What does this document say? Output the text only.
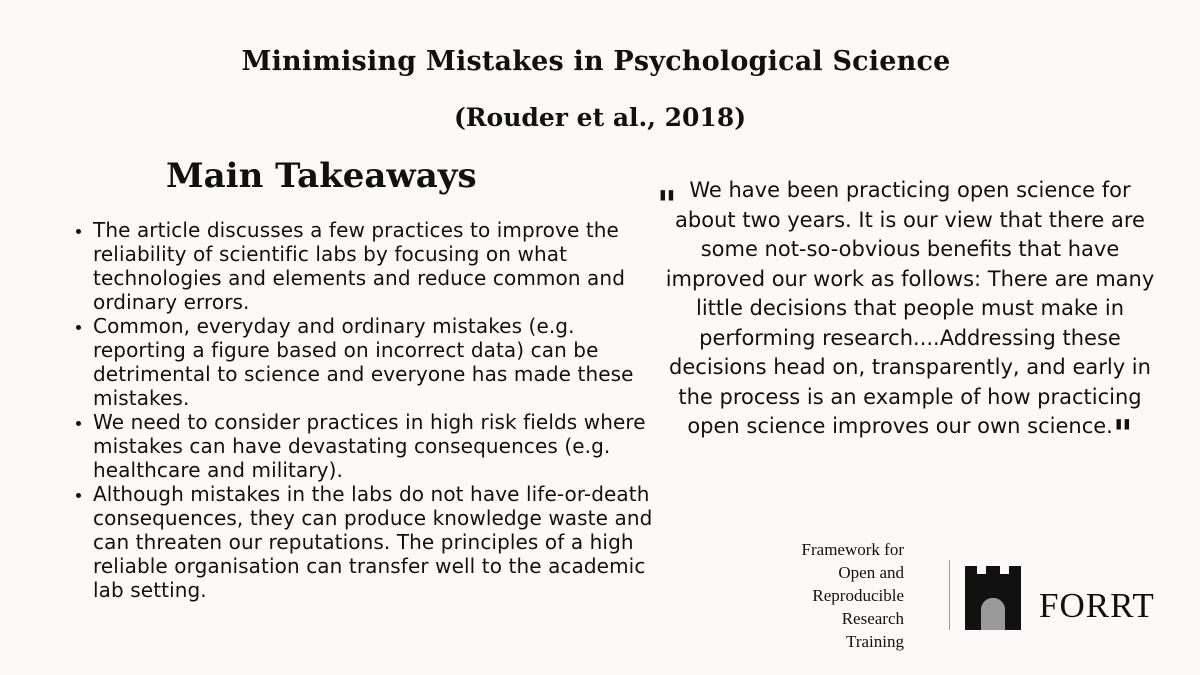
Minimising Mistakes in Psychological Science
(Rouder et al., 2018)
Main Takeaways
• The article discusses a few practices to improve the reliability of scientific labs by focusing on what technologies and elements and reduce common and ordinary errors.
• Common, everyday and ordinary mistakes (e.g. reporting a figure based on incorrect data) can be detrimental to science and everyone has made these mistakes.
• We need to consider practices in high risk fields where mistakes can have devastating consequences (e.g. healthcare and military).
• Although mistakes in the labs do not have life-or-death consequences, they can produce knowledge waste and can threaten our reputations. The principles of a high reliable organisation can transfer well to the academic lab setting.
" We have been practicing open science for about two years. It is our view that there are some not-so-obvious benefits that have improved our work as follows: There are many little decisions that people must make in performing research....Addressing these decisions head on, transparently, and early in the process is an example of how practicing open science improves our own science."
Framework for
Open and
Reproducible
Research
Training
FORRT
